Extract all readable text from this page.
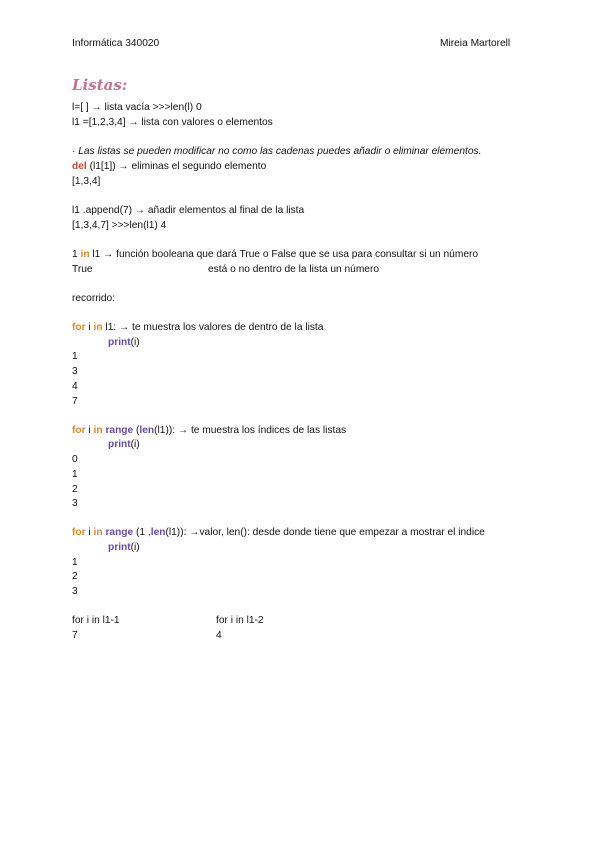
Informática 340020	Mireia Martorell
Listas:
l=[ ] → lista vacía >>>len(l) 0
l1 =[1,2,3,4] → lista con valores o elementos
· Las listas se pueden modificar no como las cadenas puedes añadir o eliminar elementos.
del (l1[1]) → eliminas el segundo elemento
[1,3,4]
l1 .append(7) → añadir elementos al final de la lista
[1,3,4,7] >>>len(l1) 4
1 in l1 → función booleana que dará True o False que se usa para consultar si un número
True	está o no dentro de la lista un número
recorrido:
for i in l1: → te muestra los valores de dentro de la lista
print(i)
1
3
4
7
for i in range (len(l1)): → te muestra los índices de las listas
print(i)
0
1
2
3
for i in range (1 ,len(l1)): →valor, len(): desde donde tiene que empezar a mostrar el indice
print(i)
1
2
3
for i in l1-1
7
for i in l1-2
4
